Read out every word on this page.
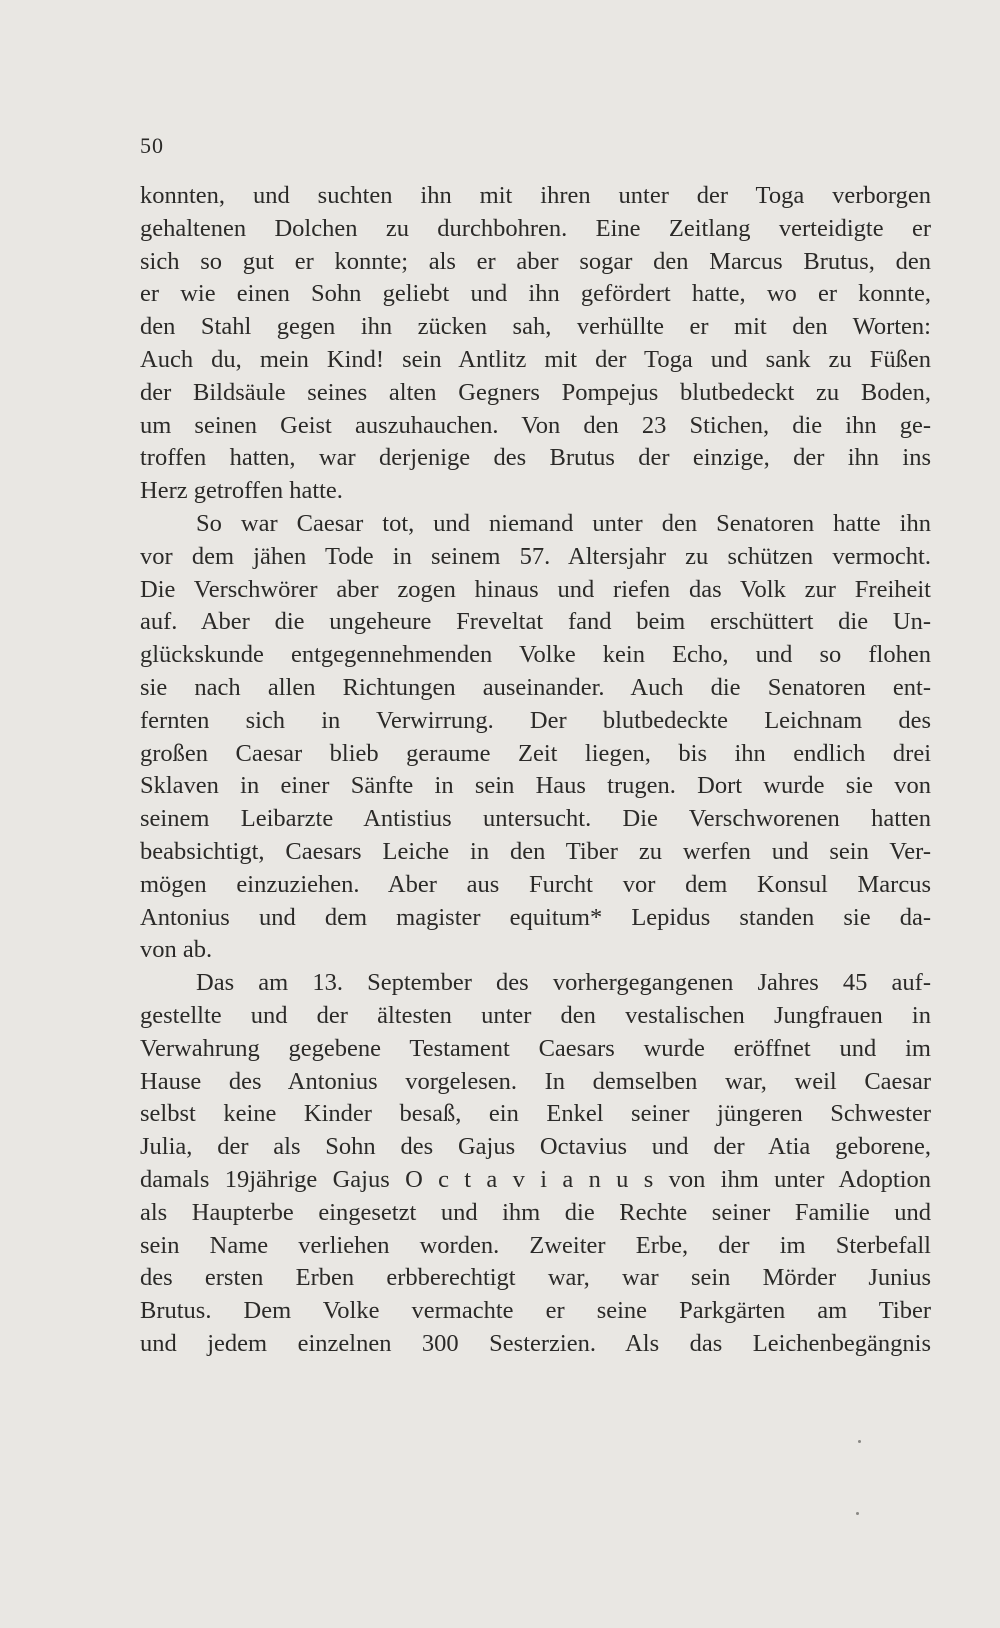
50
konnten, und suchten ihn mit ihren unter der Toga verborgen
gehaltenen Dolchen zu durchbohren. Eine Zeitlang verteidigte er
sich so gut er konnte; als er aber sogar den Marcus Brutus, den
er wie einen Sohn geliebt und ihn gefördert hatte, wo er konnte,
den Stahl gegen ihn zücken sah, verhüllte er mit den Worten:
Auch du, mein Kind! sein Antlitz mit der Toga und sank zu Füßen
der Bildsäule seines alten Gegners Pompejus blutbedeckt zu Boden,
um seinen Geist auszuhauchen. Von den 23 Stichen, die ihn ge-
troffen hatten, war derjenige des Brutus der einzige, der ihn ins
Herz getroffen hatte.
So war Caesar tot, und niemand unter den Senatoren hatte ihn
vor dem jähen Tode in seinem 57. Altersjahr zu schützen vermocht.
Die Verschwörer aber zogen hinaus und riefen das Volk zur Freiheit
auf. Aber die ungeheure Freveltat fand beim erschüttert die Un-
glückskunde entgegennehmenden Volke kein Echo, und so flohen
sie nach allen Richtungen auseinander. Auch die Senatoren ent-
fernten sich in Verwirrung. Der blutbedeckte Leichnam des
großen Caesar blieb geraume Zeit liegen, bis ihn endlich drei
Sklaven in einer Sänfte in sein Haus trugen. Dort wurde sie von
seinem Leibarzte Antistius untersucht. Die Verschworenen hatten
beabsichtigt, Caesars Leiche in den Tiber zu werfen und sein Ver-
mögen einzuziehen. Aber aus Furcht vor dem Konsul Marcus
Antonius und dem magister equitum* Lepidus standen sie da-
von ab.
Das am 13. September des vorhergegangenen Jahres 45 auf-
gestellte und der ältesten unter den vestalischen Jungfrauen in
Verwahrung gegebene Testament Caesars wurde eröffnet und im
Hause des Antonius vorgelesen. In demselben war, weil Caesar
selbst keine Kinder besaß, ein Enkel seiner jüngeren Schwester
Julia, der als Sohn des Gajus Octavius und der Atia geborene,
damals 19jährige Gajus O c t a v i a n u s von ihm unter Adoption
als Haupterbe eingesetzt und ihm die Rechte seiner Familie und
sein Name verliehen worden. Zweiter Erbe, der im Sterbefall
des ersten Erben erbberechtigt war, war sein Mörder Junius
Brutus. Dem Volke vermachte er seine Parkgärten am Tiber
und jedem einzelnen 300 Sesterzien. Als das Leichenbegängnis
